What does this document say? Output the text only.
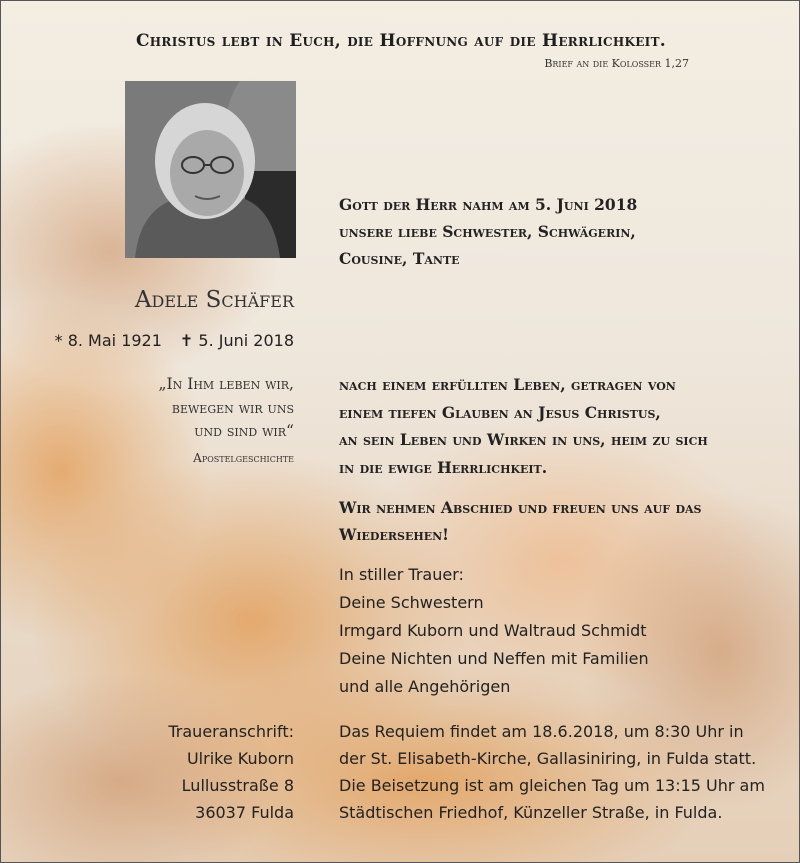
Christus lebt in Euch, die Hoffnung auf die Herrlichkeit.
Brief an die Kolosser 1,27
Adele Schäfer
* 8. Mai 1921 ✝ 5. Juni 2018
„In Ihm leben wir,
bewegen wir uns
und sind wir“
Apostelgeschichte
Gott der Herr nahm am 5. Juni 2018
unsere liebe Schwester, Schwägerin,
Cousine, Tante
nach einem erfüllten Leben, getragen von
einem tiefen Glauben an Jesus Christus,
an sein Leben und Wirken in uns, heim zu sich
in die ewige Herrlichkeit.
Wir nehmen Abschied und freuen uns auf das
Wiedersehen!
In stiller Trauer:
Deine Schwestern
Irmgard Kuborn und Waltraud Schmidt
Deine Nichten und Neffen mit Familien
und alle Angehörigen
Traueranschrift:
Ulrike Kuborn
Lullusstraße 8
36037 Fulda
Das Requiem findet am 18.6.2018, um 8:30 Uhr in
der St. Elisabeth-Kirche, Gallasiniring, in Fulda statt.
Die Beisetzung ist am gleichen Tag um 13:15 Uhr am
Städtischen Friedhof, Künzeller Straße, in Fulda.
